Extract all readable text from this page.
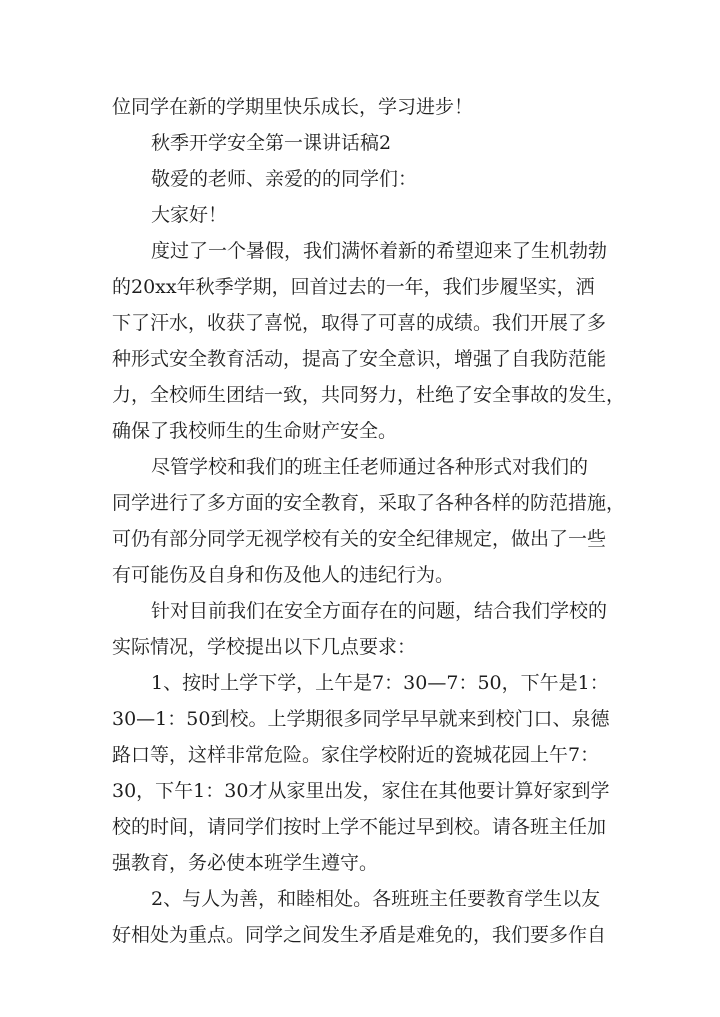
位同学在新的学期里快乐成长，学习进步！

秋季开学安全第一课讲话稿2

敬爱的老师、亲爱的的同学们：

大家好！

度过了一个暑假，我们满怀着新的希望迎来了生机勃勃

的20xx年秋季学期，回首过去的一年，我们步履坚实，洒

下了汗水，收获了喜悦，取得了可喜的成绩。我们开展了多

种形式安全教育活动，提高了安全意识，增强了自我防范能

力，全校师生团结一致，共同努力，杜绝了安全事故的发生，

确保了我校师生的生命财产安全。

尽管学校和我们的班主任老师通过各种形式对我们的

同学进行了多方面的安全教育，采取了各种各样的防范措施，

可仍有部分同学无视学校有关的安全纪律规定，做出了一些

有可能伤及自身和伤及他人的违纪行为。

针对目前我们在安全方面存在的问题，结合我们学校的

实际情况，学校提出以下几点要求：

1、按时上学下学，上午是7：30—7：50，下午是1：

30—1：50到校。上学期很多同学早早就来到校门口、泉德

路口等，这样非常危险。家住学校附近的瓷城花园上午7：

30，下午1：30才从家里出发，家住在其他要计算好家到学

校的时间，请同学们按时上学不能过早到校。请各班主任加

强教育，务必使本班学生遵守。

2、与人为善，和睦相处。各班班主任要教育学生以友

好相处为重点。同学之间发生矛盾是难免的，我们要多作自
